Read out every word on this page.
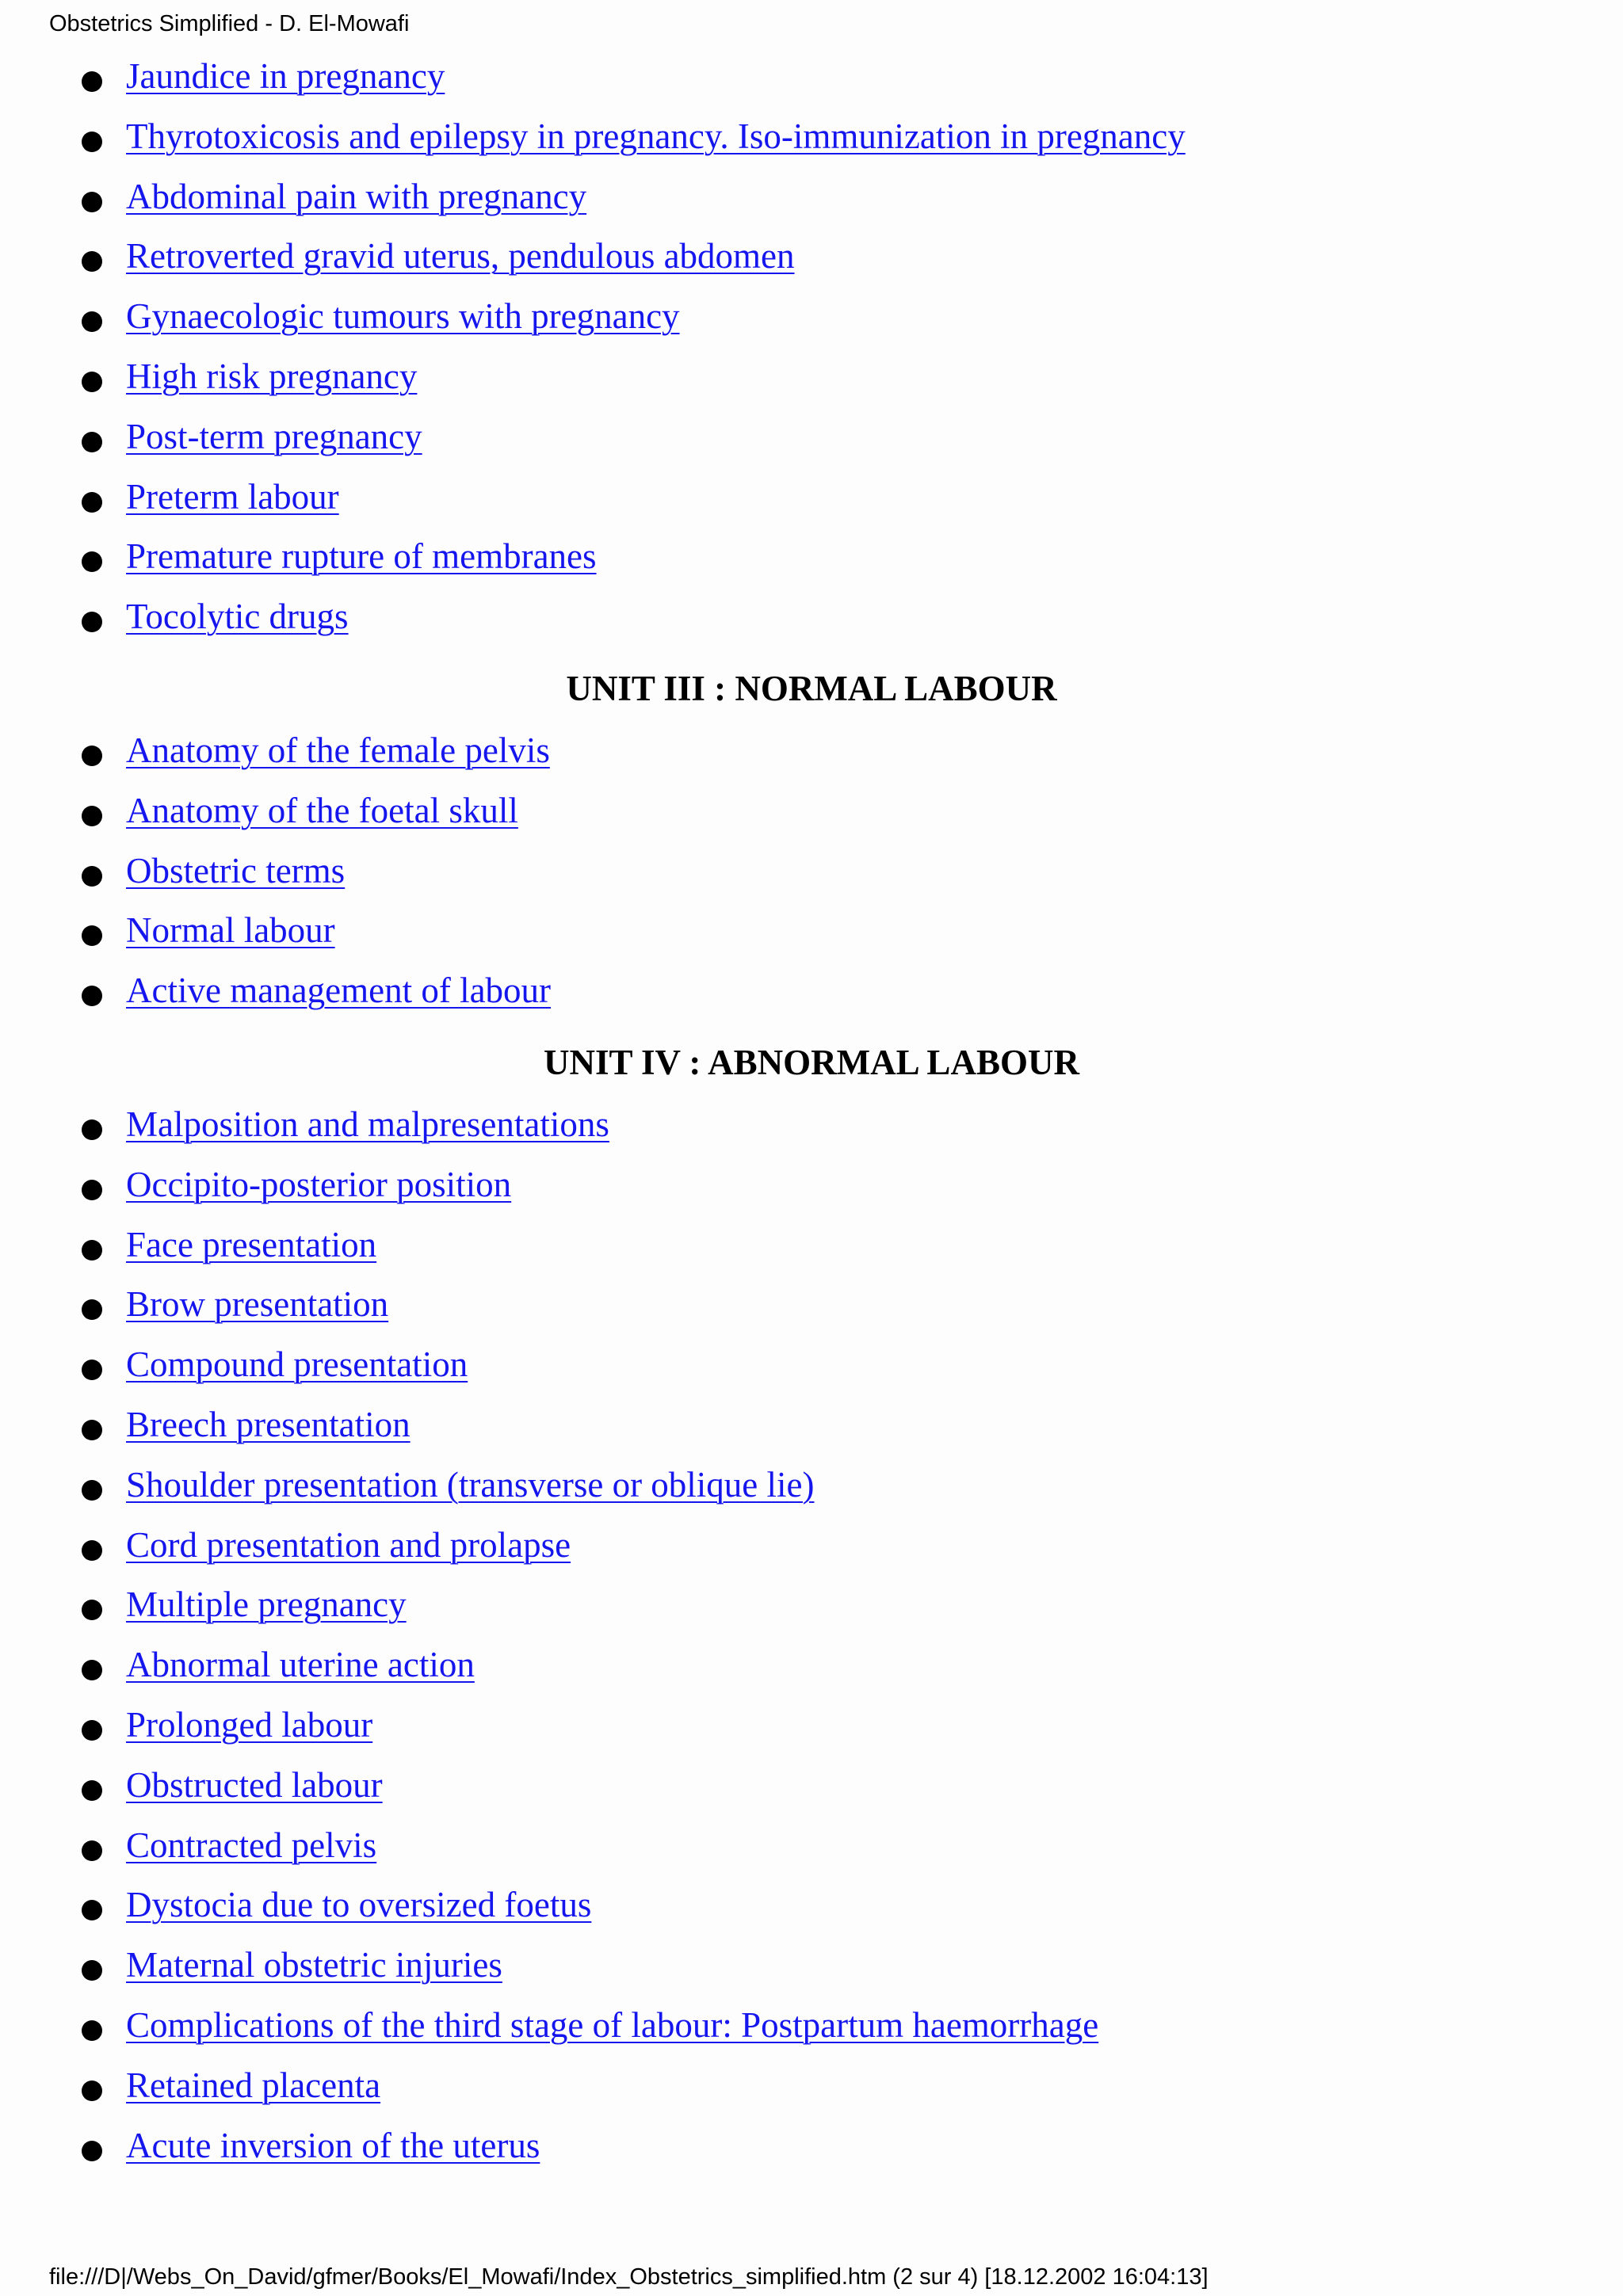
Obstetrics Simplified - D. El-Mowafi
Jaundice in pregnancy
Thyrotoxicosis and epilepsy in pregnancy. Iso-immunization in pregnancy
Abdominal pain with pregnancy
Retroverted gravid uterus, pendulous abdomen
Gynaecologic tumours with pregnancy
High risk pregnancy
Post-term pregnancy
Preterm labour
Premature rupture of membranes
Tocolytic drugs
UNIT III : NORMAL LABOUR
Anatomy of the female pelvis
Anatomy of the foetal skull
Obstetric terms
Normal labour
Active management of labour
UNIT IV : ABNORMAL LABOUR
Malposition and malpresentations
Occipito-posterior position
Face presentation
Brow presentation
Compound presentation
Breech presentation
Shoulder presentation (transverse or oblique lie)
Cord presentation and prolapse
Multiple pregnancy
Abnormal uterine action
Prolonged labour
Obstructed labour
Contracted pelvis
Dystocia due to oversized foetus
Maternal obstetric injuries
Complications of the third stage of labour: Postpartum haemorrhage
Retained placenta
Acute inversion of the uterus
file:///D|/Webs_On_David/gfmer/Books/El_Mowafi/Index_Obstetrics_simplified.htm (2 sur 4) [18.12.2002 16:04:13]
